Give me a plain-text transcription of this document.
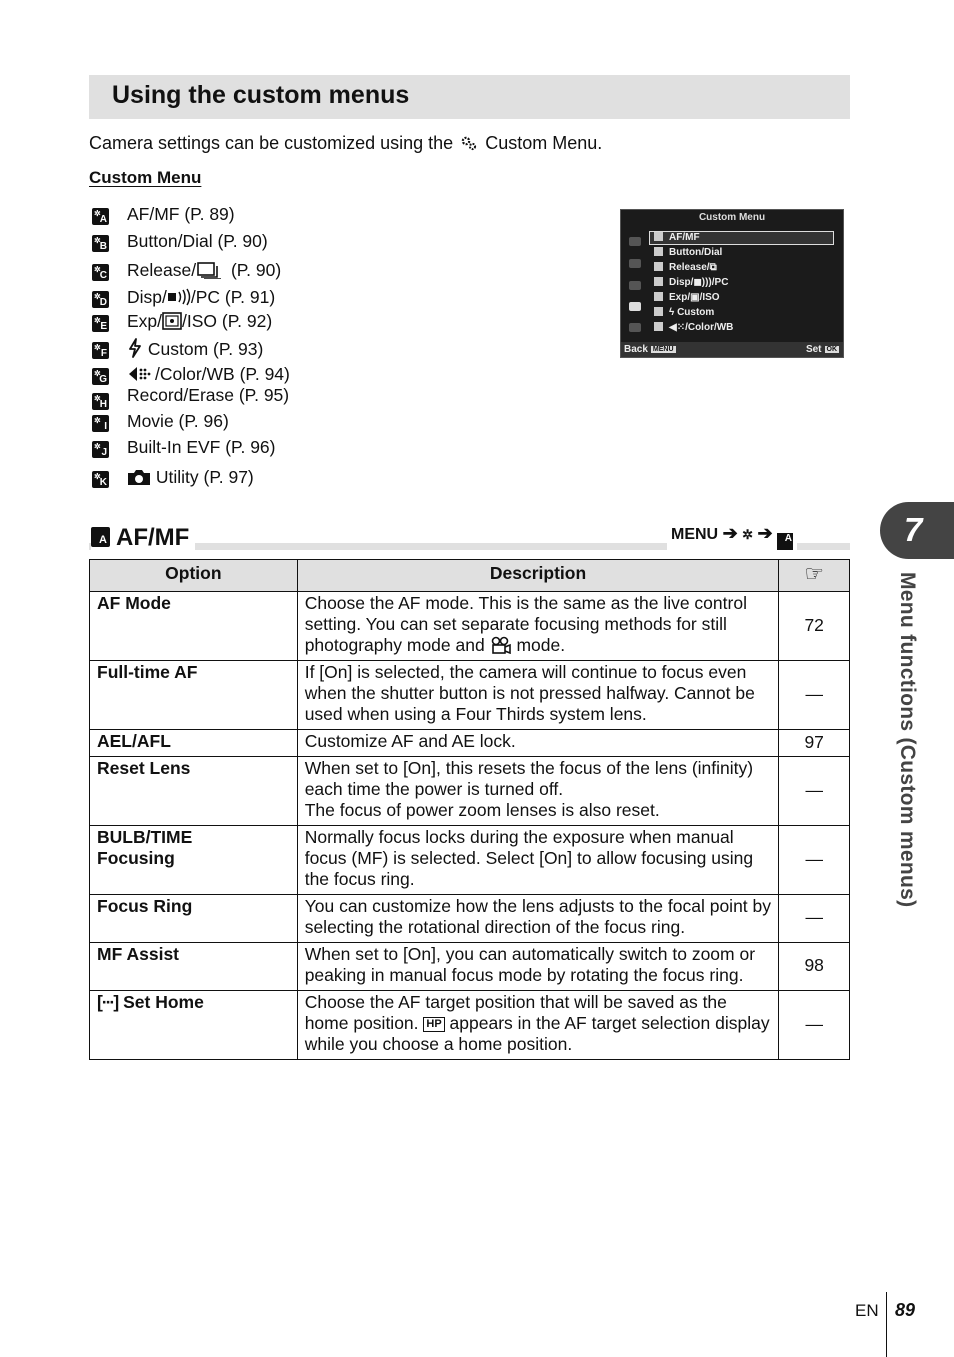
Using the custom menus
Camera settings can be customized using the Custom Menu.
Custom Menu
✲
A AF/MF (P. 89)
✲
B Button/Dial (P. 90)
✲
C Release/ (P. 90)
✲
D Disp/ /PC (P. 91)
✲
E Exp/ /ISO (P. 92)
✲
F	Custom (P. 93)
✲
G	/Color/WB (P. 94)
✲
H Record/Erase (P. 95)
✲
I Movie (P. 96)
✲
J Built-In EVF (P. 96)
✲
K	Utility (P. 97)
Custom Menu
AF/MF
Button/Dial
Release/⧉
Disp/◼)))/PC
Exp/▣/ISO
ϟ Custom
◀⁙/Color/WB
Back MENU	Set OK
A AF/MF	MENU ➔ ✲ ➔ A
Option	Description	☞
AF Mode	Choose the AF mode. This is the same as the live control setting. You can set separate focusing methods for still photography mode and  mode.	72
Full-time AF	If [On] is selected, the camera will continue to focus even when the shutter button is not pressed halfway. Cannot be used when using a Four Thirds system lens.	—
AEL/AFL	Customize AF and AE lock.	97
Reset Lens	When set to [On], this resets the focus of the lens (infinity) each time the power is turned off.
The focus of power zoom lenses is also reset.	—
BULB/TIME Focusing	Normally focus locks during the exposure when manual focus (MF) is selected. Select [On] to allow focusing using the focus ring.	—
Focus Ring	You can customize how the lens adjusts to the focal point by selecting the rotational direction of the focus ring.	—
MF Assist	When set to [On], you can automatically switch to zoom or peaking in manual focus mode by rotating the focus ring.	98
[∙∙∙] Set Home	Choose the AF target position that will be saved as the home position. HP appears in the AF target selection display while you choose a home position.	—
7
Menu functions (Custom menus)
EN 89
